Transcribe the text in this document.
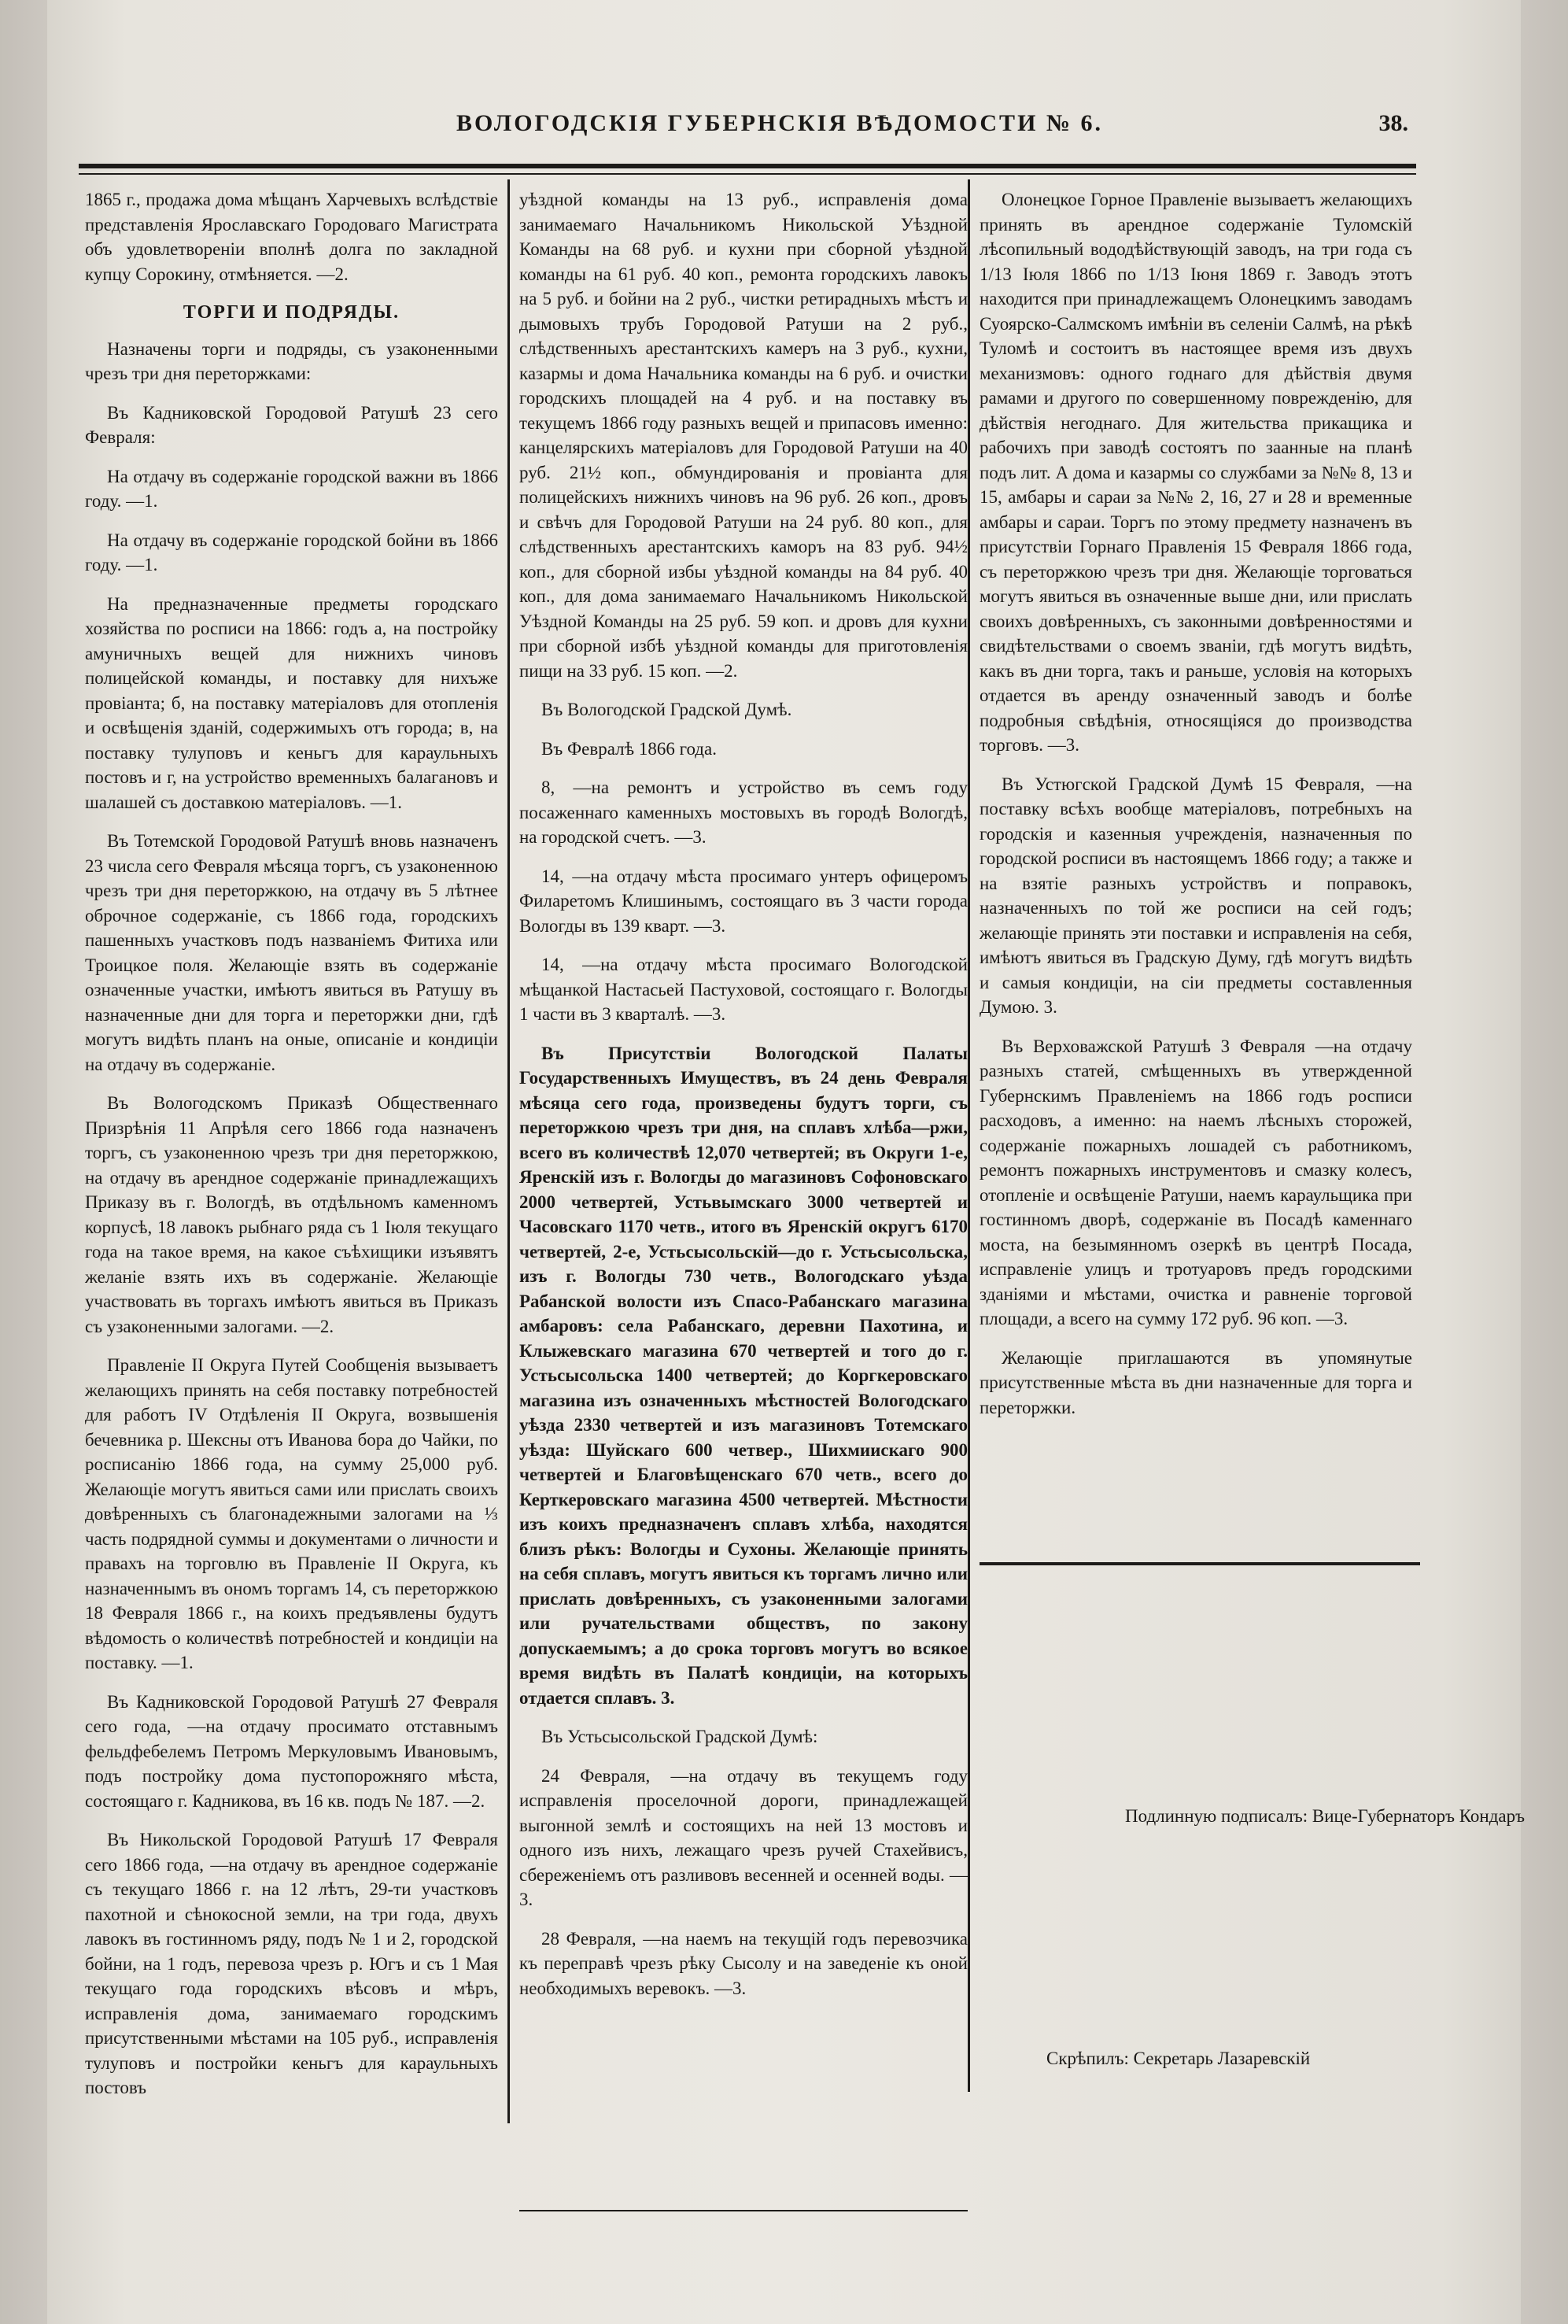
ВОЛОГОДСКІЯ ГУБЕРНСКІЯ ВѢДОМОСТИ № 6.	38.

1865 г., продажа дома мѣщанъ Харчевыхъ вслѣдствіе представленія Ярославскаго Городоваго Магистрата объ удовлетвореніи вполнѣ долга по закладной купцу Сорокину, отмѣняется. —2.

ТОРГИ И ПОДРЯДЫ.

Назначены торги и подряды, съ узаконенными чрезъ три дня переторжками:

Въ Кадниковской Городовой Ратушѣ 23 сего Февраля:

На отдачу въ содержаніе городской важни въ 1866 году. —1.

На отдачу въ содержаніе городской бойни въ 1866 году. —1.

На предназначенные предметы городскаго хозяйства по росписи на 1866: годъ а, на постройку амуничныхъ вещей для нижнихъ чиновъ полицейской команды, и поставку для нихъже провіанта; б, на поставку матеріаловъ для отопленія и освѣщенія зданій, содержимыхъ отъ города; в, на поставку тулуповъ и кеньгъ для караульныхъ постовъ и г, на устройство временныхъ балагановъ и шалашей съ доставкою матеріаловъ. —1.

Въ Тотемской Городовой Ратушѣ вновь назначенъ 23 числа сего Февраля мѣсяца торгъ, съ узаконенною чрезъ три дня переторжкою, на отдачу въ 5 лѣтнее оброчное содержаніе, съ 1866 года, городскихъ пашенныхъ участковъ подъ названіемъ Фитиха или Троицкое поля. Желающіе взять въ содержаніе означенные участки, имѣютъ явиться въ Ратушу въ назначенные дни для торга и переторжки дни, гдѣ могутъ видѣть планъ на оные, описаніе и кондиціи на отдачу въ содержаніе.

Въ Вологодскомъ Приказѣ Общественнаго Призрѣнія 11 Апрѣля сего 1866 года назначенъ торгъ, съ узаконенною чрезъ три дня переторжкою, на отдачу въ арендное содержаніе принадлежащихъ Приказу въ г. Вологдѣ, въ отдѣльномъ каменномъ корпусѣ, 18 лавокъ рыбнаго ряда съ 1 Іюля текущаго года на такое время, на какое съѣхищики изъявятъ желаніе взять ихъ въ содержаніе. Желающіе участвовать въ торгахъ имѣютъ явиться въ Приказъ съ узаконенными залогами. —2.

Правленіе II Округа Путей Сообщенія вызываетъ желающихъ принять на себя поставку потребностей для работъ IV Отдѣленія II Округа, возвышенія бечевника р. Шексны отъ Иванова бора до Чайки, по росписанію 1866 года, на сумму 25,000 руб. Желающіе могутъ явиться сами или прислать своихъ довѣренныхъ съ благонадежными залогами на ⅓ часть подрядной суммы и документами о личности и правахъ на торговлю въ Правленіе II Округа, къ назначеннымъ въ ономъ торгамъ 14, съ переторжкою 18 Февраля 1866 г., на коихъ предъявлены будутъ вѣдомость о количествѣ потребностей и кондиціи на поставку. —1.

Въ Кадниковской Городовой Ратушѣ 27 Февраля сего года, —на отдачу просимато отставнымъ фельдфебелемъ Петромъ Меркуловымъ Ивановымъ, подъ постройку дома пустопорожняго мѣста, состоящаго г. Кадникова, въ 16 кв. подъ № 187. —2.

Въ Никольской Городовой Ратушѣ 17 Февраля сего 1866 года, —на отдачу въ арендное содержаніе съ текущаго 1866 г. на 12 лѣтъ, 29-ти участковъ пахотной и сѣнокосной земли, на три года, двухъ лавокъ въ гостинномъ ряду, подъ № 1 и 2, городской бойни, на 1 годъ, перевоза чрезъ р. Югъ и съ 1 Мая текущаго года городскихъ вѣсовъ и мѣръ, исправленія дома, занимаемаго городскимъ присутственными мѣстами на 105 руб., исправленія тулуповъ и постройки кеньгъ для караульныхъ постовъ

уѣздной команды на 13 руб., исправленія дома занимаемаго Начальникомъ Никольской Уѣздной Команды на 68 руб. и кухни при сборной уѣздной команды на 61 руб. 40 коп., ремонта городскихъ лавокъ на 5 руб. и бойни на 2 руб., чистки ретирадныхъ мѣстъ и дымовыхъ трубъ Городовой Ратуши на 2 руб., слѣдственныхъ арестантскихъ камеръ на 3 руб., кухни, казармы и дома Начальника команды на 6 руб. и очистки городскихъ площадей на 4 руб. и на поставку въ текущемъ 1866 году разныхъ вещей и припасовъ именно: канцелярскихъ матеріаловъ для Городовой Ратуши на 40 руб. 21½ коп., обмундированія и провіанта для полицейскихъ нижнихъ чиновъ на 96 руб. 26 коп., дровъ и свѣчъ для Городовой Ратуши на 24 руб. 80 коп., для слѣдственныхъ арестантскихъ каморъ на 83 руб. 94½ коп., для сборной избы уѣздной команды на 84 руб. 40 коп., для дома занимаемаго Начальникомъ Никольской Уѣздной Команды на 25 руб. 59 коп. и дровъ для кухни при сборной избѣ уѣздной команды для приготовленія пищи на 33 руб. 15 коп. —2.

Въ Вологодской Градской Думѣ.

Въ Февралѣ 1866 года.

8, —на ремонтъ и устройство въ семъ году посаженнаго каменныхъ мостовыхъ въ городѣ Вологдѣ, на городской счетъ. —3.

14, —на отдачу мѣста просимаго унтеръ офицеромъ Филаретомъ Клишинымъ, состоящаго въ 3 части города Вологды въ 139 кварт. —3.

14, —на отдачу мѣста просимаго Вологодской мѣщанкой Настасьей Пастуховой, состоящаго г. Вологды 1 части въ 3 кварталѣ. —3.

Въ Присутствіи Вологодской Палаты Государственныхъ Имуществъ, въ 24 день Февраля мѣсяца сего года, произведены будутъ торги, съ переторжкою чрезъ три дня, на сплавъ хлѣба—ржи, всего въ количествѣ 12,070 четвертей; въ Округи 1-е, Яренскій изъ г. Вологды до магазиновъ Софоновскаго 2000 четвертей, Устьвымскаго 3000 четвертей и Чacовскаго 1170 четв., итого въ Яренскій округъ 6170 четвертей, 2-е, Устьсысольскій—до г. Устьсысольска, изъ г. Вологды 730 четв., Вологодскаго уѣзда Рабанской волости изъ Спасо-Рабанскаго магазина амбаровъ: села Рабанскаго, деревни Пахотина, и Клыжевскаго магазина 670 четвертей и того до г. Устьсысольска 1400 четвертей; до Коргкеровскаго магазина изъ означенныхъ мѣстностей Вологодскаго уѣзда 2330 четвертей и изъ магазиновъ Тотемскаго уѣзда: Шуйскаго 600 четвер., Шихмиискаго 900 четвертей и Благовѣщенскаго 670 четв., всего до Керткеровскаго магазина 4500 четвертей. Мѣстности изъ коихъ предназначенъ сплавъ хлѣба, находятся близъ рѣкъ: Вологды и Сухоны. Желающіе принять на себя сплавъ, могутъ явиться къ торгамъ лично или прислать довѣренныхъ, съ узаконенными залогами или ручательствами обществъ, по закону допускаемымъ; а до срока торговъ могутъ во всякое время видѣть въ Палатѣ кондиціи, на которыхъ отдается сплавъ. 3.

Въ Устьсысольской Градской Думѣ:

24 Февраля, —на отдачу въ текущемъ году исправленія проселочной дороги, принадлежащей выгонной землѣ и состоящихъ на ней 13 мостовъ и одного изъ нихъ, лежащаго чрезъ ручей Стахейвисъ, сбереженіемъ отъ разливовъ весенней и осенней воды. —3.

28 Февраля, —на наемъ на текущій годъ перевозчика къ переправѣ чрезъ рѣку Сысолу и на заведеніе къ оной необходимыхъ веревокъ. —3.

Олонецкое Горное Правленіе вызываетъ желающихъ принять въ арендное содержаніе Туломскій лѣсопильный вододѣйствующій заводъ, на три года съ 1/13 Іюля 1866 по 1/13 Іюня 1869 г. Заводъ этотъ находится при принадлежащемъ Олонецкимъ заводамъ Суоярско-Салмскомъ имѣніи въ селеніи Салмѣ, на рѣкѣ Туломѣ и состоитъ въ настоящее время изъ двухъ механизмовъ: одного годнаго для дѣйствія двумя рамами и другого по совершенному поврежденію, для дѣйствія негоднаго. Для жительства прикащика и рабочихъ при заводѣ состоятъ по заанные на планѣ подъ лит. А дома и казармы со службами за №№ 8, 13 и 15, амбары и сараи за №№ 2, 16, 27 и 28 и временные амбары и сараи. Торгъ по этому предмету назначенъ въ присутствіи Горнаго Правленія 15 Февраля 1866 года, съ переторжкою чрезъ три дня. Желающіе торговаться могутъ явиться въ означенные выше дни, или прислать своихъ довѣренныхъ, съ законными довѣренностями и свидѣтельствами о своемъ званіи, гдѣ могутъ видѣть, какъ въ дни торга, такъ и раньше, условія на которыхъ отдается въ аренду означенный заводъ и болѣе подробныя свѣдѣнія, относящіяся до производства торговъ. —3.

Въ Устюгской Градской Думѣ 15 Февраля, —на поставку всѣхъ вообще матеріаловъ, потребныхъ на городскія и казенныя учрежденія, назначенныя по городской росписи въ настоящемъ 1866 году; а также и на взятіе разныхъ устройствъ и поправокъ, назначенныхъ по той же росписи на сей годъ; желающіе принять эти поставки и исправленія на себя, имѣютъ явиться въ Градскую Думу, гдѣ могутъ видѣть и самыя кондиціи, на сіи предметы составленныя Думою. 3.

Въ Верховажской Ратушѣ 3 Февраля —на отдачу разныхъ статей, смѣщенныхъ въ утвержденной Губернскимъ Правленіемъ на 1866 годъ росписи расходовъ, а именно: на наемъ лѣсныхъ сторожей, содержаніе пожарныхъ лошадей съ работникомъ, ремонтъ пожарныхъ инструментовъ и смазку колесъ, отопленіе и освѣщеніе Ратуши, наемъ караульщика при гостинномъ дворѣ, содержаніе въ Посадѣ каменнаго моста, на безымянномъ озеркѣ въ центрѣ Посада, исправленіе улицъ и тротуаровъ предъ городскими зданіями и мѣстами, очистка и равненіе торговой площади, а всего на сумму 172 руб. 96 коп. —3.

Желающіе приглашаются въ упомянутые присутственные мѣста въ дни назначенные для торга и переторжки.

Подлинную подписалъ: Вице-Губернаторъ Кондаръ
Скрѣпилъ: Секретарь Лазаревскій
